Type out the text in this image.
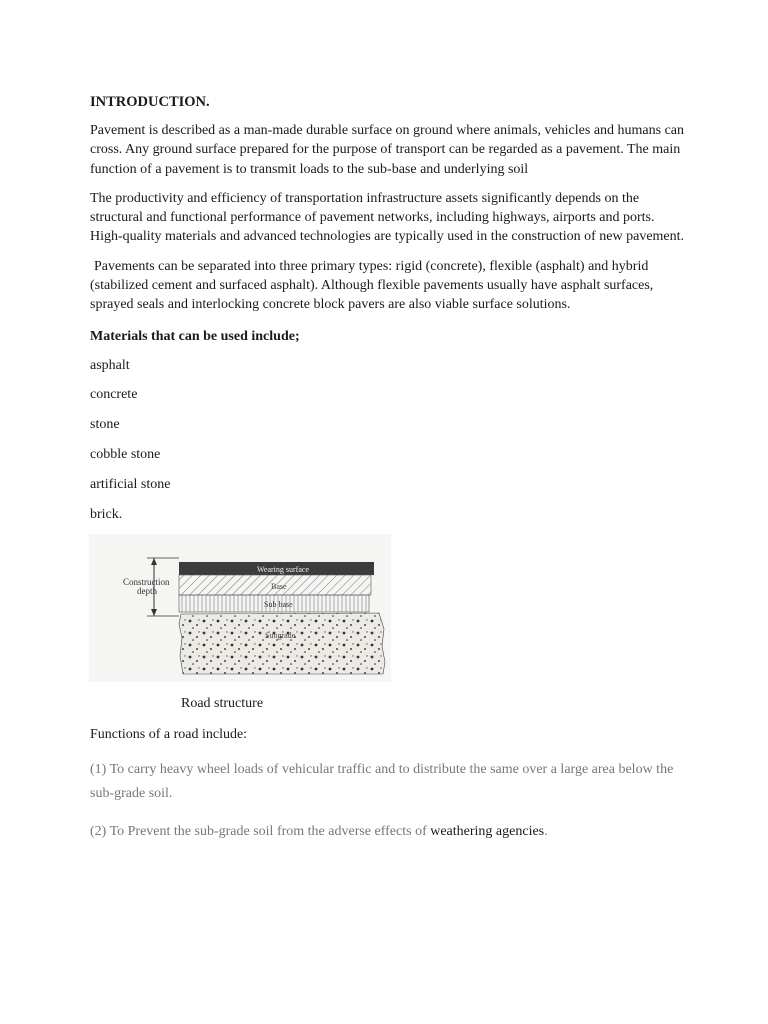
INTRODUCTION.

Pavement is described as a man-made durable surface on ground where animals, vehicles and humans can cross. Any ground surface prepared for the purpose of transport can be regarded as a pavement. The main function of a pavement is to transmit loads to the sub-base and underlying soil

The productivity and efficiency of transportation infrastructure assets significantly depends on the structural and functional performance of pavement networks, including highways, airports and ports. High-quality materials and advanced technologies are typically used in the construction of new pavement.

Pavements can be separated into three primary types: rigid (concrete), flexible (asphalt) and hybrid (stabilized cement and surfaced asphalt). Although flexible pavements usually have asphalt surfaces, sprayed seals and interlocking concrete block pavers are also viable surface solutions.

Materials that can be used include;

asphalt
concrete
stone
cobble stone
artificial stone
brick.
Construction
depth
Wearing surface
Base
Sub base
Subgrade

Road structure

Functions of a road include:

(1) To carry heavy wheel loads of vehicular traffic and to distribute the same over a large area below the sub-grade soil.

(2) To Prevent the sub-grade soil from the adverse effects of weathering agencies.
